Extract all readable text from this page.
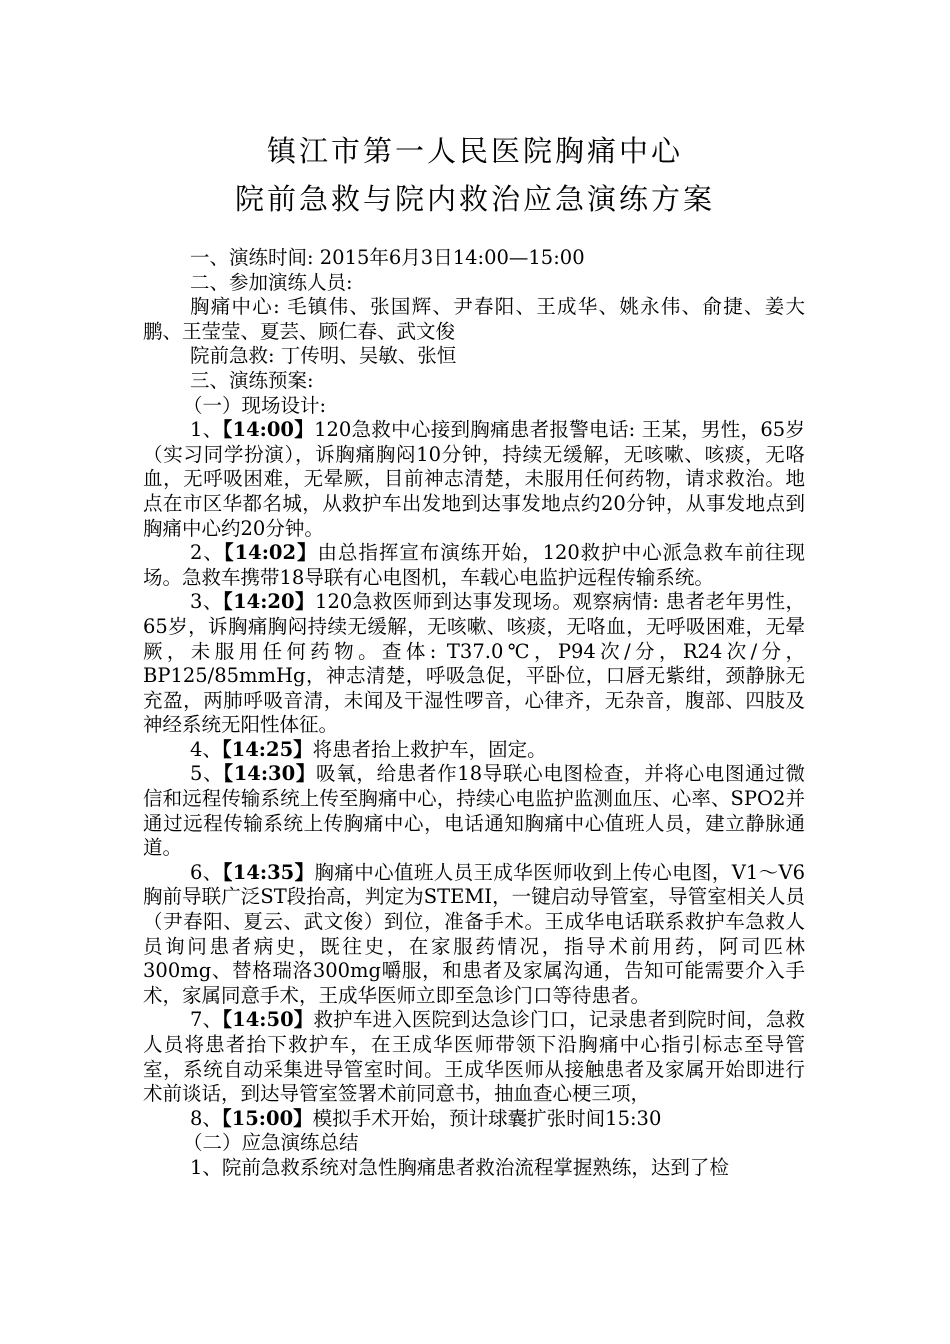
镇江市第一人民医院胸痛中心
院前急救与院内救治应急演练方案

一、演练时间: 2015年6月3日14:00—15:00

二、参加演练人员:

胸痛中心: 毛镇伟、张国辉、尹春阳、王成华、姚永伟、俞捷、姜大鹏、王莹莹、夏芸、顾仁春、武文俊

院前急救: 丁传明、吴敏、张恒

三、演练预案:

（一）现场设计:

1、【14:00】120急救中心接到胸痛患者报警电话: 王某，男性，65岁（实习同学扮演），诉胸痛胸闷10分钟，持续无缓解，无咳嗽、咳痰，无咯血，无呼吸困难，无晕厥，目前神志清楚，未服用任何药物，请求救治。地点在市区华都名城，从救护车出发地到达事发地点约20分钟，从事发地点到胸痛中心约20分钟。

2、【14:02】由总指挥宣布演练开始，120救护中心派急救车前往现场。急救车携带18导联有心电图机，车载心电监护远程传输系统。

3、【14:20】120急救医师到达事发现场。观察病情: 患者老年男性，65岁，诉胸痛胸闷持续无缓解，无咳嗽、咳痰，无咯血，无呼吸困难，无晕厥，未服用任何药物。查体: T37.0℃，P94次/分，R24次/分，BP125/85mmHg，神志清楚，呼吸急促，平卧位，口唇无紫绀，颈静脉无充盈，两肺呼吸音清，未闻及干湿性啰音，心律齐，无杂音，腹部、四肢及神经系统无阳性体征。

4、【14:25】将患者抬上救护车，固定。

5、【14:30】吸氧，给患者作18导联心电图检查，并将心电图通过微信和远程传输系统上传至胸痛中心，持续心电监护监测血压、心率、SPO2并通过远程传输系统上传胸痛中心，电话通知胸痛中心值班人员，建立静脉通道。

6、【14:35】胸痛中心值班人员王成华医师收到上传心电图，V1～V6胸前导联广泛ST段抬高，判定为STEMI，一键启动导管室，导管室相关人员（尹春阳、夏云、武文俊）到位，准备手术。王成华电话联系救护车急救人员询问患者病史，既往史，在家服药情况，指导术前用药，阿司匹林300mg、替格瑞洛300mg嚼服，和患者及家属沟通，告知可能需要介入手术，家属同意手术，王成华医师立即至急诊门口等待患者。

7、【14:50】救护车进入医院到达急诊门口，记录患者到院时间，急救人员将患者抬下救护车，在王成华医师带领下沿胸痛中心指引标志至导管室，系统自动采集进导管室时间。王成华医师从接触患者及家属开始即进行术前谈话，到达导管室签署术前同意书，抽血查心梗三项，

8、【15:00】模拟手术开始，预计球囊扩张时间15:30

（二）应急演练总结

1、院前急救系统对急性胸痛患者救治流程掌握熟练，达到了检
